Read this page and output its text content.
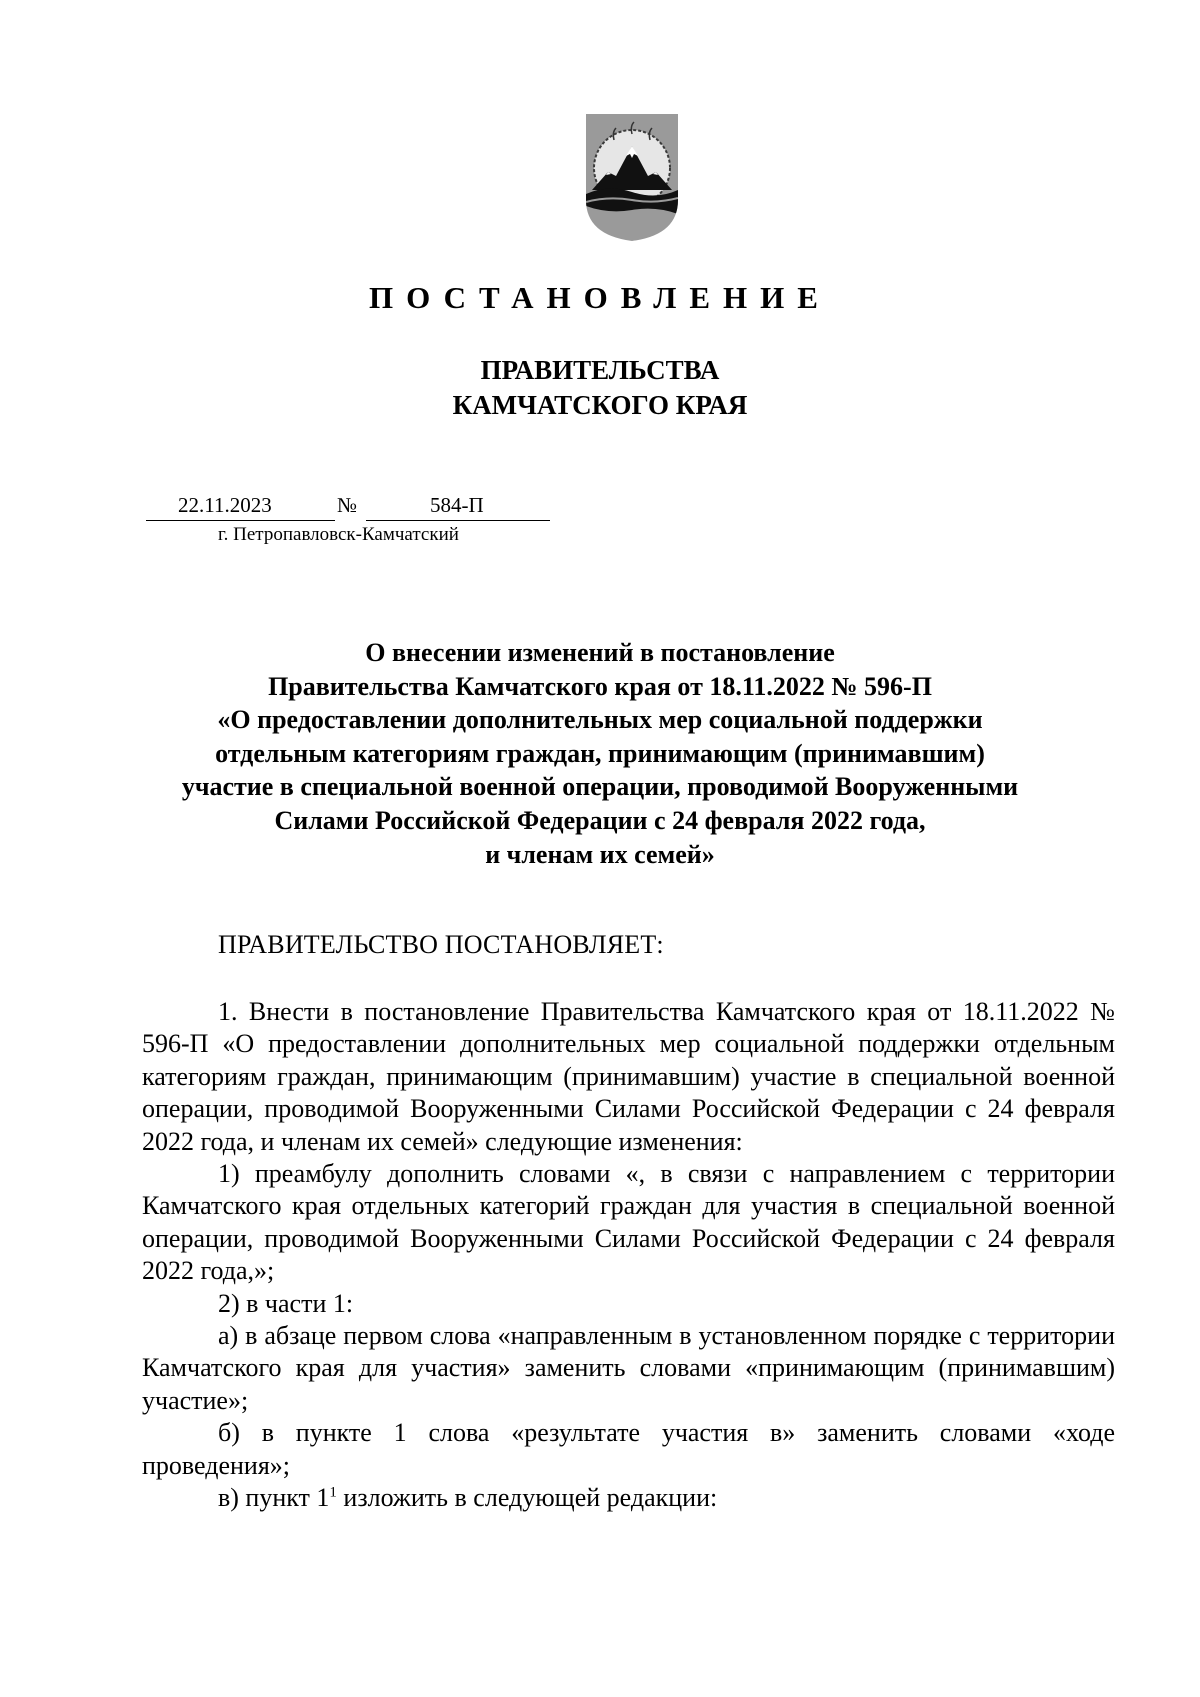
ПОСТАНОВЛЕНИЕ
ПРАВИТЕЛЬСТВА
КАМЧАТСКОГО КРАЯ
22.11.2023	№	584-П
г. Петропавловск-Камчатский
О внесении изменений в постановление
Правительства Камчатского края от 18.11.2022 № 596-П
«О предоставлении дополнительных мер социальной поддержки
отдельным категориям граждан, принимающим (принимавшим)
участие в специальной военной операции, проводимой Вооруженными
Силами Российской Федерации с 24 февраля 2022 года,
и членам их семей»
ПРАВИТЕЛЬСТВО ПОСТАНОВЛЯЕТ:

1. Внести в постановление Правительства Камчатского края от 18.11.2022 № 596-П «О предоставлении дополнительных мер социальной поддержки отдельным категориям граждан, принимающим (принимавшим) участие в специальной военной операции, проводимой Вооруженными Силами Российской Федерации с 24 февраля 2022 года, и членам их семей» следующие изменения:

1) преамбулу дополнить словами «, в связи с направлением с территории Камчатского края отдельных категорий граждан для участия в специальной военной операции, проводимой Вооруженными Силами Российской Федерации с 24 февраля 2022 года,»;

2) в части 1:

а) в абзаце первом слова «направленным в установленном порядке с территории Камчатского края для участия» заменить словами «принимающим (принимавшим) участие»;

б) в пункте 1 слова «результате участия в» заменить словами «ходе проведения»;

в) пункт $1^1$ изложить в следующей редакции:
